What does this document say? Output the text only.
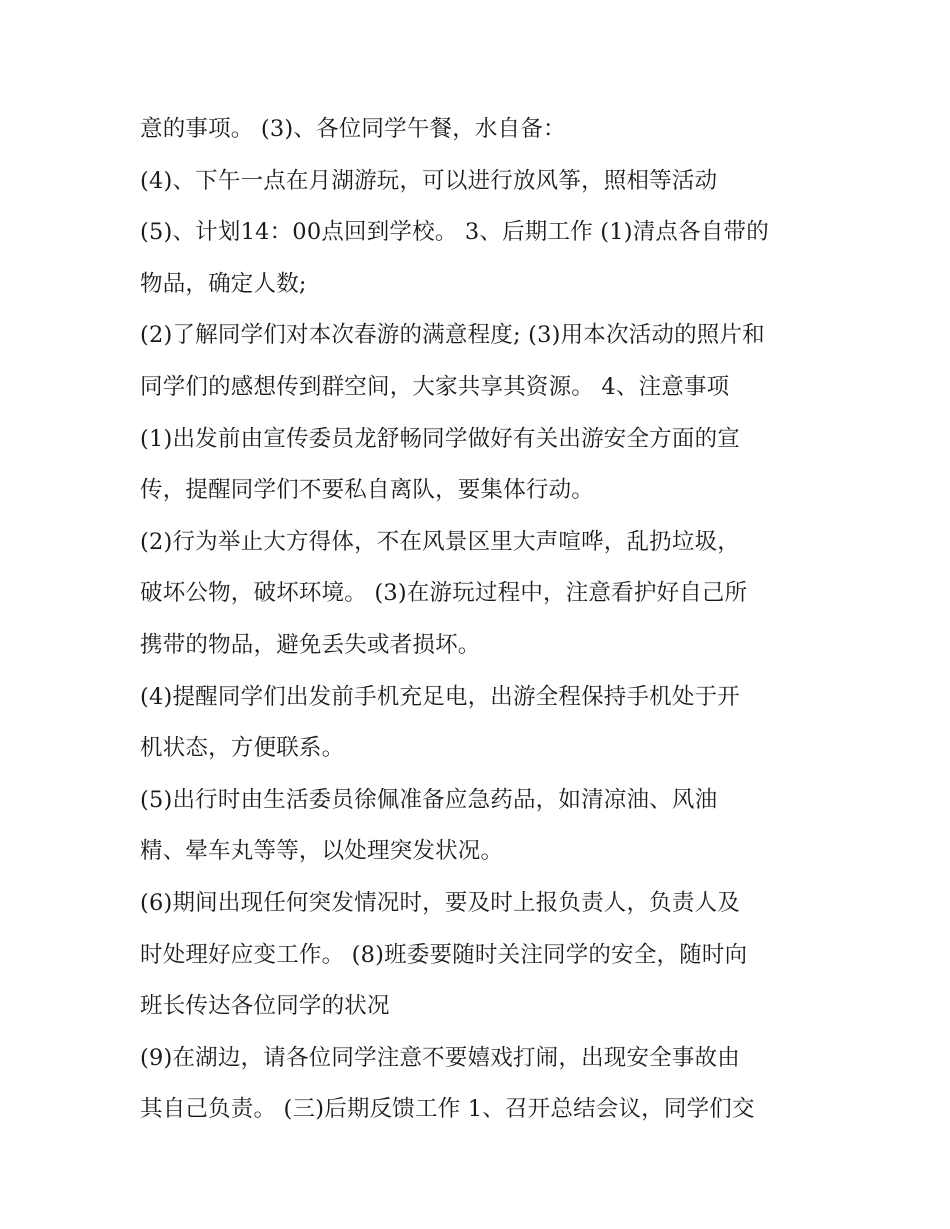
意的事项。 (3)、各位同学午餐，水自备：
(4)、下午一点在月湖游玩，可以进行放风筝，照相等活动
(5)、计划14：00点回到学校。 3、后期工作 (1)清点各自带的
物品，确定人数;
(2)了解同学们对本次春游的满意程度; (3)用本次活动的照片和
同学们的感想传到群空间，大家共享其资源。 4、注意事项
(1)出发前由宣传委员龙舒畅同学做好有关出游安全方面的宣
传，提醒同学们不要私自离队，要集体行动。
(2)行为举止大方得体，不在风景区里大声喧哗，乱扔垃圾，
破坏公物，破坏环境。 (3)在游玩过程中，注意看护好自己所
携带的物品，避免丢失或者损坏。
(4)提醒同学们出发前手机充足电，出游全程保持手机处于开
机状态，方便联系。
(5)出行时由生活委员徐佩准备应急药品，如清凉油、风油
精、晕车丸等等，以处理突发状况。
(6)期间出现任何突发情况时，要及时上报负责人，负责人及
时处理好应变工作。 (8)班委要随时关注同学的安全，随时向
班长传达各位同学的状况
(9)在湖边，请各位同学注意不要嬉戏打闹，出现安全事故由
其自己负责。 (三)后期反馈工作 1、召开总结会议，同学们交
